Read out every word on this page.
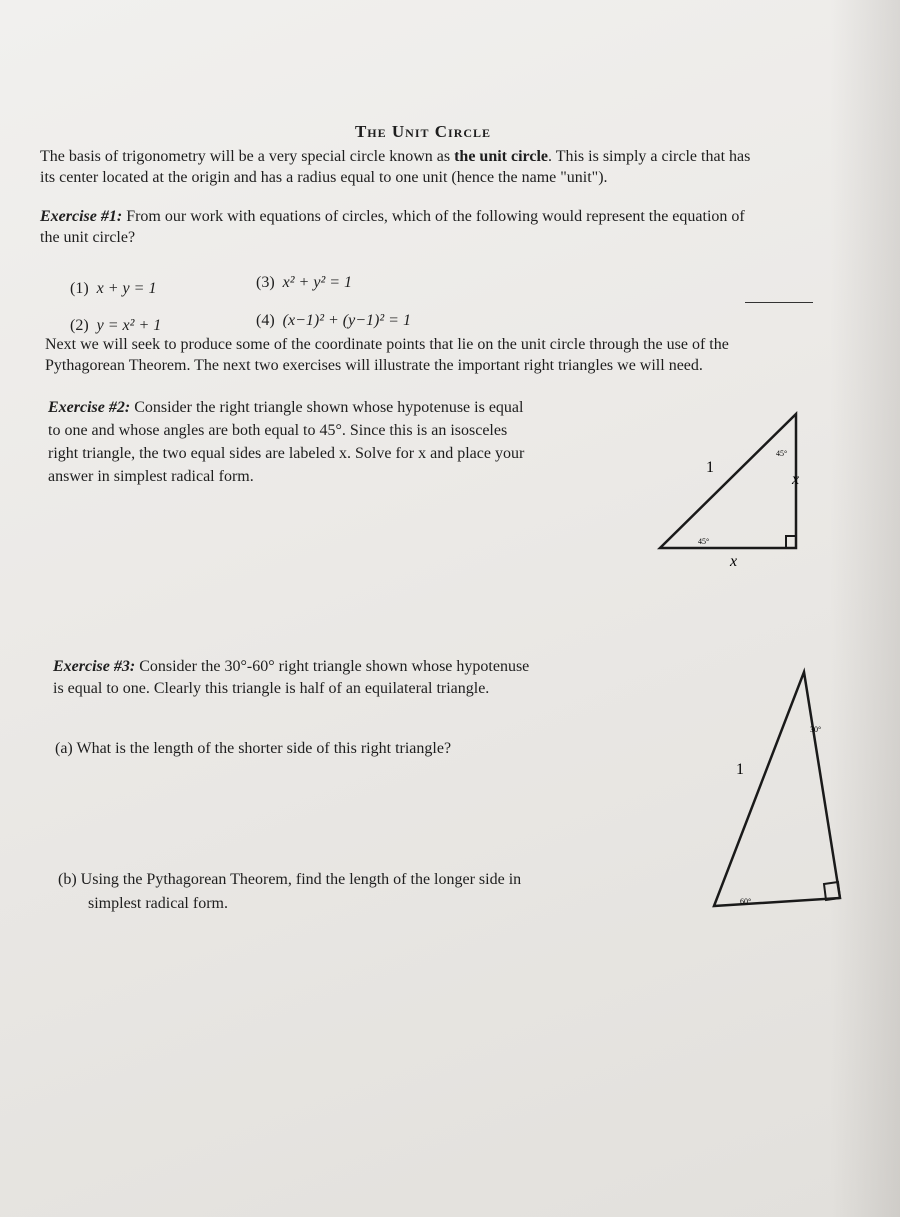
The Unit Circle
The basis of trigonometry will be a very special circle known as the unit circle. This is simply a circle that has
its center located at the origin and has a radius equal to one unit (hence the name "unit").
Exercise #1: From our work with equations of circles, which of the following would represent the equation of
the unit circle?
(1) x + y = 1	(3) x² + y² = 1
(2) y = x² + 1	(4) (x−1)² + (y−1)² = 1
Next we will seek to produce some of the coordinate points that lie on the unit circle through the use of the
Pythagorean Theorem. The next two exercises will illustrate the important right triangles we will need.
Exercise #2: Consider the right triangle shown whose hypotenuse is equal
to one and whose angles are both equal to 45°. Since this is an isosceles
right triangle, the two equal sides are labeled x. Solve for x and place your
answer in simplest radical form.
1
x
x
45°
45°
Exercise #3: Consider the 30°-60° right triangle shown whose hypotenuse
is equal to one. Clearly this triangle is half of an equilateral triangle.
(a) What is the length of the shorter side of this right triangle?
(b) Using the Pythagorean Theorem, find the length of the longer side in
simplest radical form.
1
30°
60°
